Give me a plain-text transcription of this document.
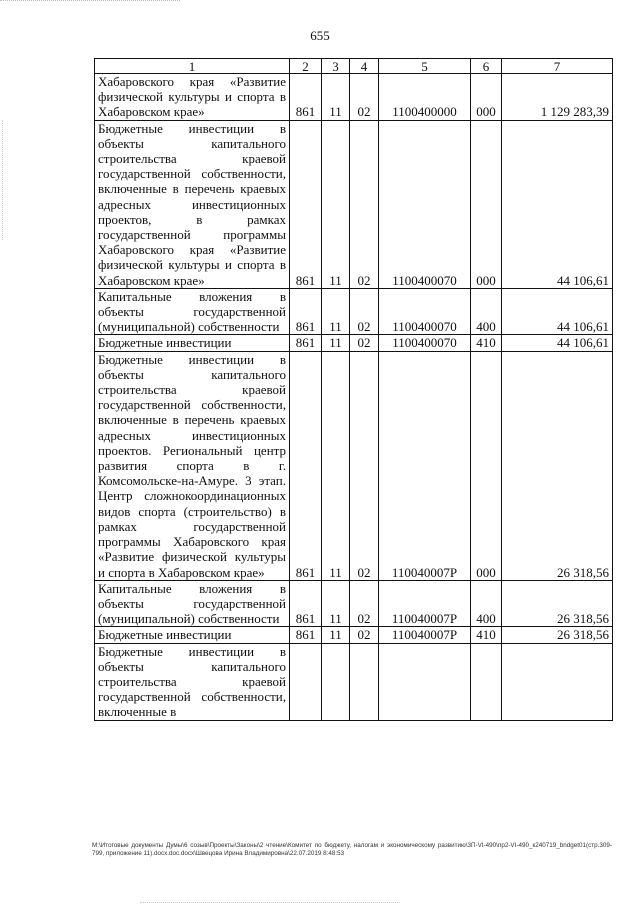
655
1	2	3	4	5	6	7
Хабаровского края «Развитие физической культуры и спорта в Хабаровском крае»	861	11	02	1100400000	000	1 129 283,39
Бюджетные инвестиции в объекты капитального строительства краевой государственной собственности, включенные в перечень краевых адресных инвестиционных проектов, в рамках государственной программы Хабаровского края «Развитие физической культуры и спорта в Хабаровском крае»	861	11	02	1100400070	000	44 106,61
Капитальные вложения в объекты государственной (муниципальной) собственности	861	11	02	1100400070	400	44 106,61
Бюджетные инвестиции	861	11	02	1100400070	410	44 106,61
Бюджетные инвестиции в объекты капитального строительства краевой государственной собственности, включенные в перечень краевых адресных инвестиционных проектов. Региональный центр развития спорта в г. Комсомольске-на-Амуре. 3 этап. Центр сложнокоординационных видов спорта (строительство) в рамках государственной программы Хабаровского края «Развитие физической культуры и спорта в Хабаровском крае»	861	11	02	110040007Р	000	26 318,56
Капитальные вложения в объекты государственной (муниципальной) собственности	861	11	02	110040007Р	400	26 318,56
Бюджетные инвестиции	861	11	02	110040007Р	410	26 318,56
Бюджетные инвестиции в объекты капитального строительства краевой государственной собственности, включенные в						
M:\Итоговые документы Думы\6 созыв\Проекты\Законы\2 чтение\Комитет по бюджету, налогам и экономическому развитию\3П-VI-490\пр2-VI-490_к240719_bndget01(стр.309-799, приложение 11).docx.doc.docx\Швецова Ирина Владимировна\22.07.2019 8:48:53
